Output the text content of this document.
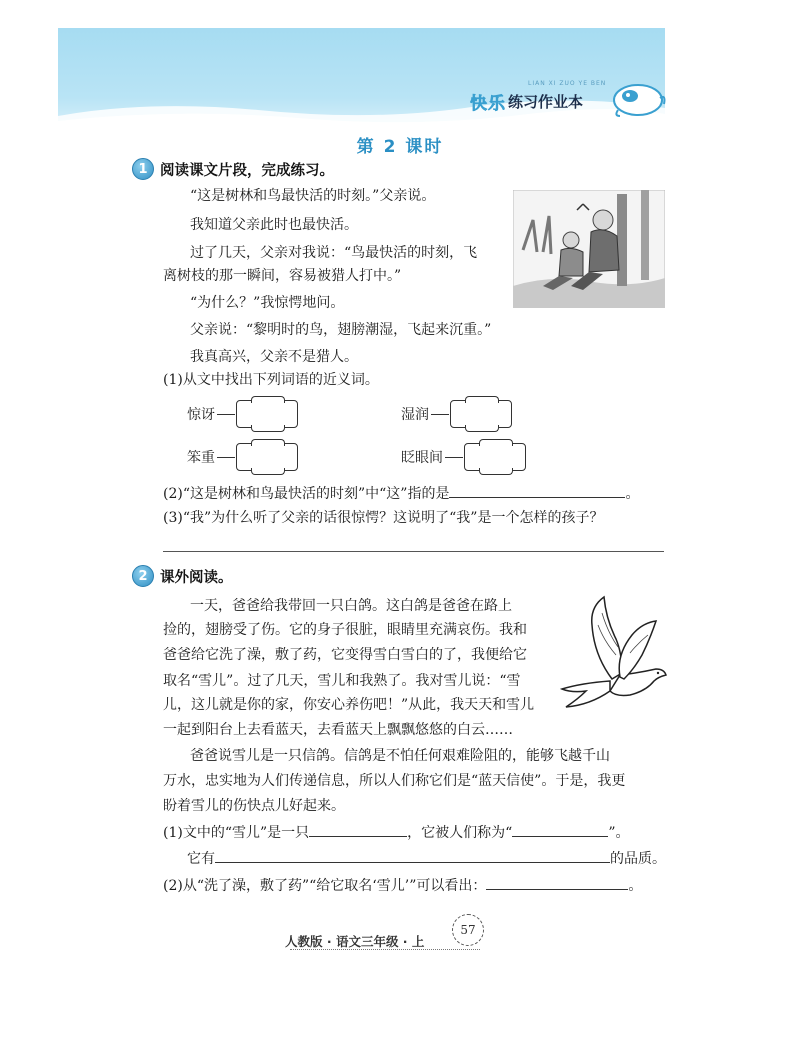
LIAN XI ZUO YE BEN
快乐 练习作业本
第 2 课时
1 阅读课文片段，完成练习。
“这是树林和鸟最快活的时刻。”父亲说。
我知道父亲此时也最快活。
过了几天，父亲对我说：“鸟最快活的时刻，飞
离树枝的那一瞬间，容易被猎人打中。”
“为什么？”我惊愕地问。
父亲说：“黎明时的鸟，翅膀潮湿，飞起来沉重。”
我真高兴，父亲不是猎人。
(1)从文中找出下列词语的近义词。
惊讶	湿润
笨重	眨眼间
(2)“这是树林和鸟最快活的时刻”中“这”指的是	。
(3)“我”为什么听了父亲的话很惊愕？这说明了“我”是一个怎样的孩子？
2 课外阅读。
一天，爸爸给我带回一只白鸽。这白鸽是爸爸在路上
捡的，翅膀受了伤。它的身子很脏，眼睛里充满哀伤。我和
爸爸给它洗了澡，敷了药，它变得雪白雪白的了，我便给它
取名“雪儿”。过了几天，雪儿和我熟了。我对雪儿说：“雪
儿，这儿就是你的家，你安心养伤吧！”从此，我天天和雪儿
一起到阳台上去看蓝天，去看蓝天上飘飘悠悠的白云……
爸爸说雪儿是一只信鸽。信鸽是不怕任何艰难险阻的，能够飞越千山
万水，忠实地为人们传递信息，所以人们称它们是“蓝天信使”。于是，我更
盼着雪儿的伤快点儿好起来。
(1)文中的“雪儿”是一只	，它被人们称为“	”。
它有	的品质。
(2)从“洗了澡，敷了药”“给它取名‘雪儿’”可以看出：	。
人教版 · 语文三年级 · 上
57
